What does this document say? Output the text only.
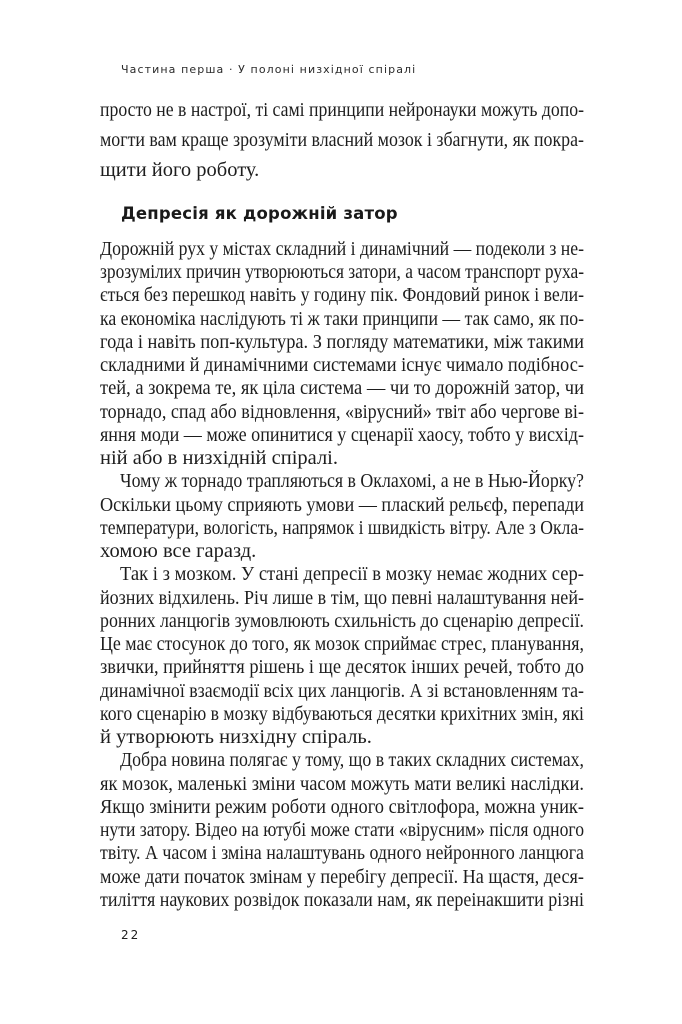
Частина перша · У полоні низхідної спіралі
Депресія як дорожній затор
просто не в настрої, ті самі принципи нейронауки можуть допо-
могти вам краще зрозуміти власний мозок і збагнути, як покра-
щити його роботу.
Дорожній рух у містах складний і динамічний — подеколи з не-
зрозумілих причин утворюються затори, а часом транспорт руха-
ється без перешкод навіть у годину пік. Фондовий ринок і вели-
ка економіка наслідують ті ж таки принципи — так само, як по-
года і навіть поп-культура. З погляду математики, між такими
складними й динамічними системами існує чимало подібнос-
тей, а зокрема те, як ціла система — чи то дорожній затор, чи
торнадо, спад або відновлення, «вірусний» твіт або чергове ві-
яння моди — може опинитися у сценарії хаосу, тобто у висхід-
ній або в низхідній спіралі.
Чому ж торнадо трапляються в Оклахомі, а не в Нью-Йорку?
Оскільки цьому сприяють умови — плаский рельєф, перепади
температури, вологість, напрямок і швидкість вітру. Але з Окла-
хомою все гаразд.
Так і з мозком. У стані депресії в мозку немає жодних сер-
йозних відхилень. Річ лише в тім, що певні налаштування ней-
ронних ланцюгів зумовлюють схильність до сценарію депресії.
Це має стосунок до того, як мозок сприймає стрес, планування,
звички, прийняття рішень і ще десяток інших речей, тобто до
динамічної взаємодії всіх цих ланцюгів. А зі встановленням та-
кого сценарію в мозку відбуваються десятки крихітних змін, які
й утворюють низхідну спіраль.
Добра новина полягає у тому, що в таких складних системах,
як мозок, маленькі зміни часом можуть мати великі наслідки.
Якщо змінити режим роботи одного світлофора, можна уник-
нути затору. Відео на ютубі може стати «вірусним» після одного
твіту. А часом і зміна налаштувань одного нейронного ланцюга
може дати початок змінам у перебігу депресії. На щастя, деся-
тиліття наукових розвідок показали нам, як переінакшити різні
22
